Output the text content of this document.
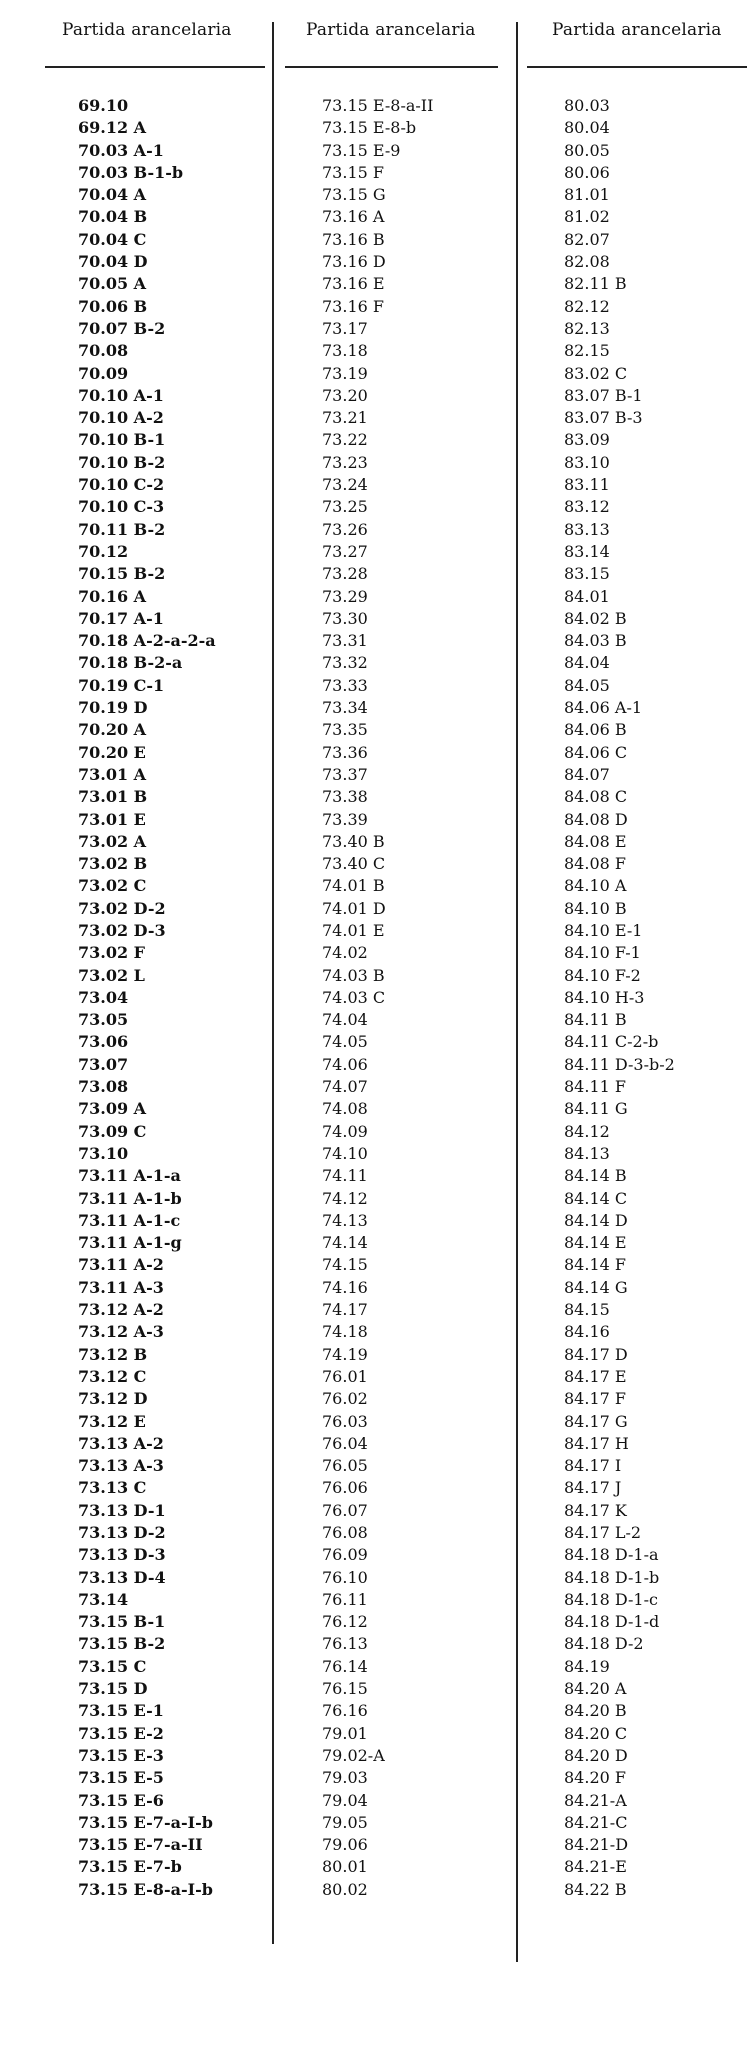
Partida arancelaria	Partida arancelaria	Partida arancelaria
69.10
69.12 A
70.03 A-1
70.03 B-1-b
70.04 A
70.04 B
70.04 C
70.04 D
70.05 A
70.06 B
70.07 B-2
70.08
70.09
70.10 A-1
70.10 A-2
70.10 B-1
70.10 B-2
70.10 C-2
70.10 C-3
70.11 B-2
70.12
70.15 B-2
70.16 A
70.17 A-1
70.18 A-2-a-2-a
70.18 B-2-a
70.19 C-1
70.19 D
70.20 A
70.20 E
73.01 A
73.01 B
73.01 E
73.02 A
73.02 B
73.02 C
73.02 D-2
73.02 D-3
73.02 F
73.02 L
73.04
73.05
73.06
73.07
73.08
73.09 A
73.09 C
73.10
73.11 A-1-a
73.11 A-1-b
73.11 A-1-c
73.11 A-1-g
73.11 A-2
73.11 A-3
73.12 A-2
73.12 A-3
73.12 B
73.12 C
73.12 D
73.12 E
73.13 A-2
73.13 A-3
73.13 C
73.13 D-1
73.13 D-2
73.13 D-3
73.13 D-4
73.14
73.15 B-1
73.15 B-2
73.15 C
73.15 D
73.15 E-1
73.15 E-2
73.15 E-3
73.15 E-5
73.15 E-6
73.15 E-7-a-I-b
73.15 E-7-a-II
73.15 E-7-b
73.15 E-8-a-I-b
73.15 E-8-a-II
73.15 E-8-b
73.15 E-9
73.15 F
73.15 G
73.16 A
73.16 B
73.16 D
73.16 E
73.16 F
73.17
73.18
73.19
73.20
73.21
73.22
73.23
73.24
73.25
73.26
73.27
73.28
73.29
73.30
73.31
73.32
73.33
73.34
73.35
73.36
73.37
73.38
73.39
73.40 B
73.40 C
74.01 B
74.01 D
74.01 E
74.02
74.03 B
74.03 C
74.04
74.05
74.06
74.07
74.08
74.09
74.10
74.11
74.12
74.13
74.14
74.15
74.16
74.17
74.18
74.19
76.01
76.02
76.03
76.04
76.05
76.06
76.07
76.08
76.09
76.10
76.11
76.12
76.13
76.14
76.15
76.16
79.01
79.02-A
79.03
79.04
79.05
79.06
80.01
80.02
80.03
80.04
80.05
80.06
81.01
81.02
82.07
82.08
82.11 B
82.12
82.13
82.15
83.02 C
83.07 B-1
83.07 B-3
83.09
83.10
83.11
83.12
83.13
83.14
83.15
84.01
84.02 B
84.03 B
84.04
84.05
84.06 A-1
84.06 B
84.06 C
84.07
84.08 C
84.08 D
84.08 E
84.08 F
84.10 A
84.10 B
84.10 E-1
84.10 F-1
84.10 F-2
84.10 H-3
84.11 B
84.11 C-2-b
84.11 D-3-b-2
84.11 F
84.11 G
84.12
84.13
84.14 B
84.14 C
84.14 D
84.14 E
84.14 F
84.14 G
84.15
84.16
84.17 D
84.17 E
84.17 F
84.17 G
84.17 H
84.17 I
84.17 J
84.17 K
84.17 L-2
84.18 D-1-a
84.18 D-1-b
84.18 D-1-c
84.18 D-1-d
84.18 D-2
84.19
84.20 A
84.20 B
84.20 C
84.20 D
84.20 F
84.21-A
84.21-C
84.21-D
84.21-E
84.22 B
